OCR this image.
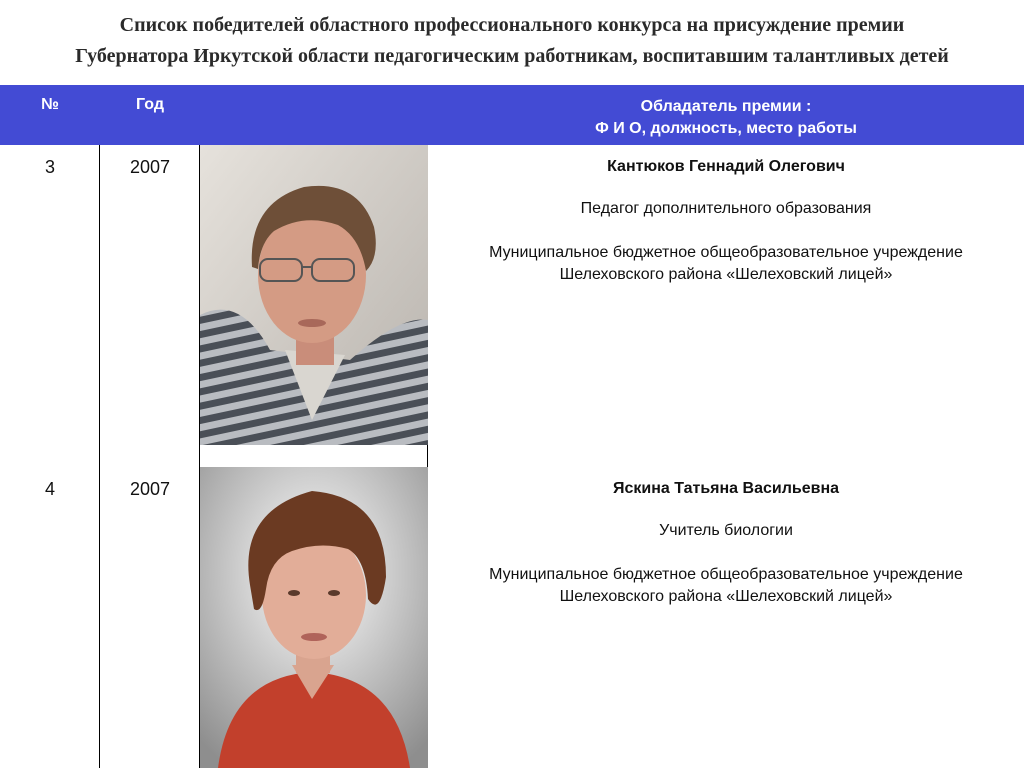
Список победителей областного профессионального конкурса на присуждение премии
Губернатора Иркутской области педагогическим работникам, воспитавшим талантливых детей
№	Год	Обладатель премии :
Ф И О, должность, место работы
3	2007	Кантюков Геннадий Олегович
Педагог дополнительного образования
Муниципальное бюджетное общеобразовательное учреждение
Шелеховского района «Шелеховский лицей»
4	2007	Яскина Татьяна Васильевна
Учитель биологии
Муниципальное бюджетное общеобразовательное учреждение
Шелеховского района «Шелеховский лицей»
